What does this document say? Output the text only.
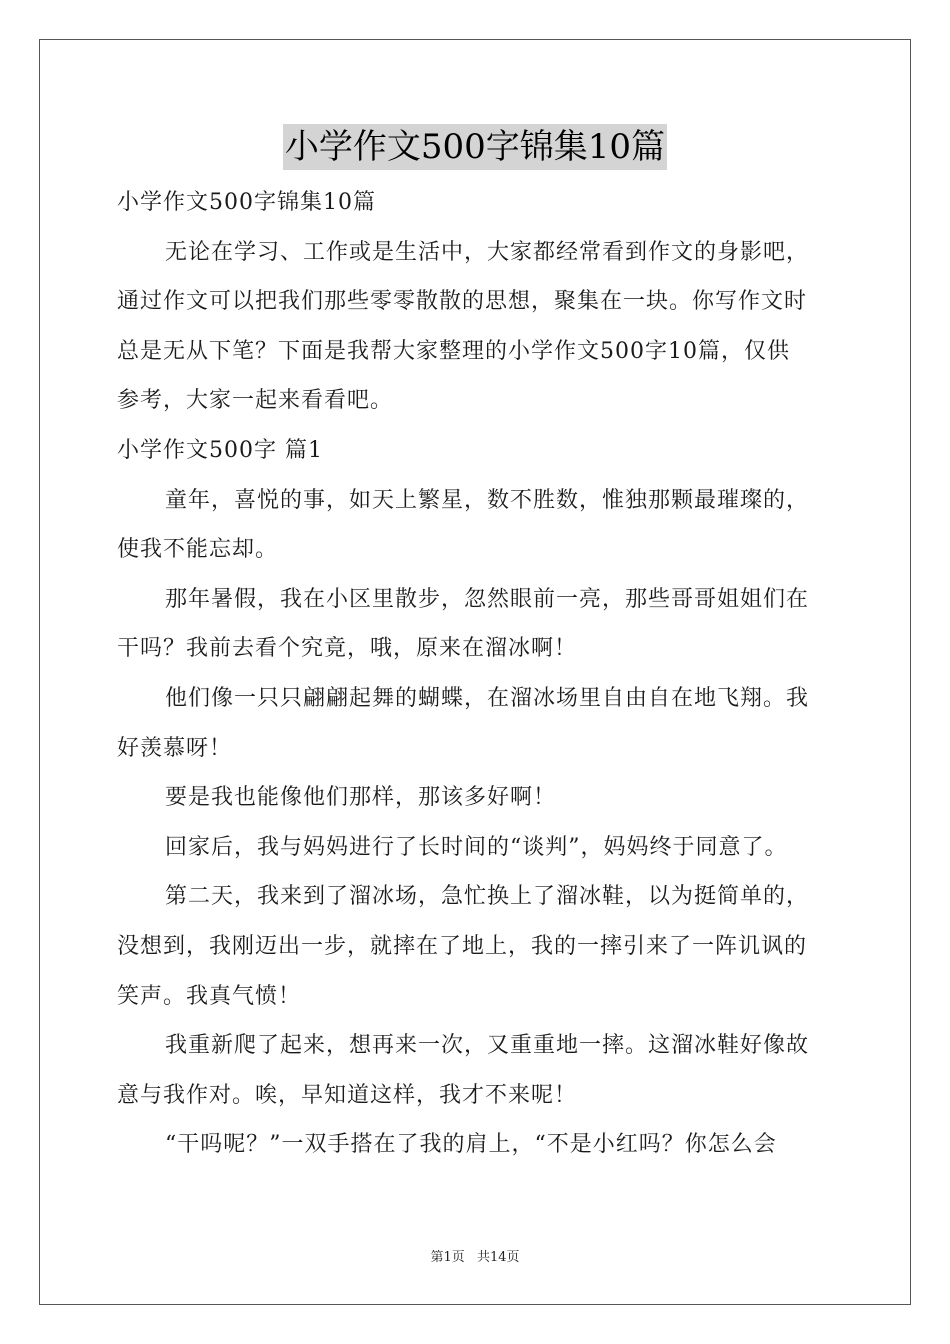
小学作文500字锦集10篇
小学作文500字锦集10篇
无论在学习、工作或是生活中，大家都经常看到作文的身影吧，
通过作文可以把我们那些零零散散的思想，聚集在一块。你写作文时
总是无从下笔？下面是我帮大家整理的小学作文500字10篇，仅供
参考，大家一起来看看吧。
小学作文500字 篇1
童年，喜悦的事，如天上繁星，数不胜数，惟独那颗最璀璨的，
使我不能忘却。
那年暑假，我在小区里散步，忽然眼前一亮，那些哥哥姐姐们在
干吗？我前去看个究竟，哦，原来在溜冰啊！
他们像一只只翩翩起舞的蝴蝶，在溜冰场里自由自在地飞翔。我
好羡慕呀！
要是我也能像他们那样，那该多好啊！
回家后，我与妈妈进行了长时间的“谈判”，妈妈终于同意了。
第二天，我来到了溜冰场，急忙换上了溜冰鞋，以为挺简单的，
没想到，我刚迈出一步，就摔在了地上，我的一摔引来了一阵讥讽的
笑声。我真气愤！
我重新爬了起来，想再来一次，又重重地一摔。这溜冰鞋好像故
意与我作对。唉，早知道这样，我才不来呢！
“干吗呢？”一双手搭在了我的肩上，“不是小红吗？你怎么会
第1页 共14页
